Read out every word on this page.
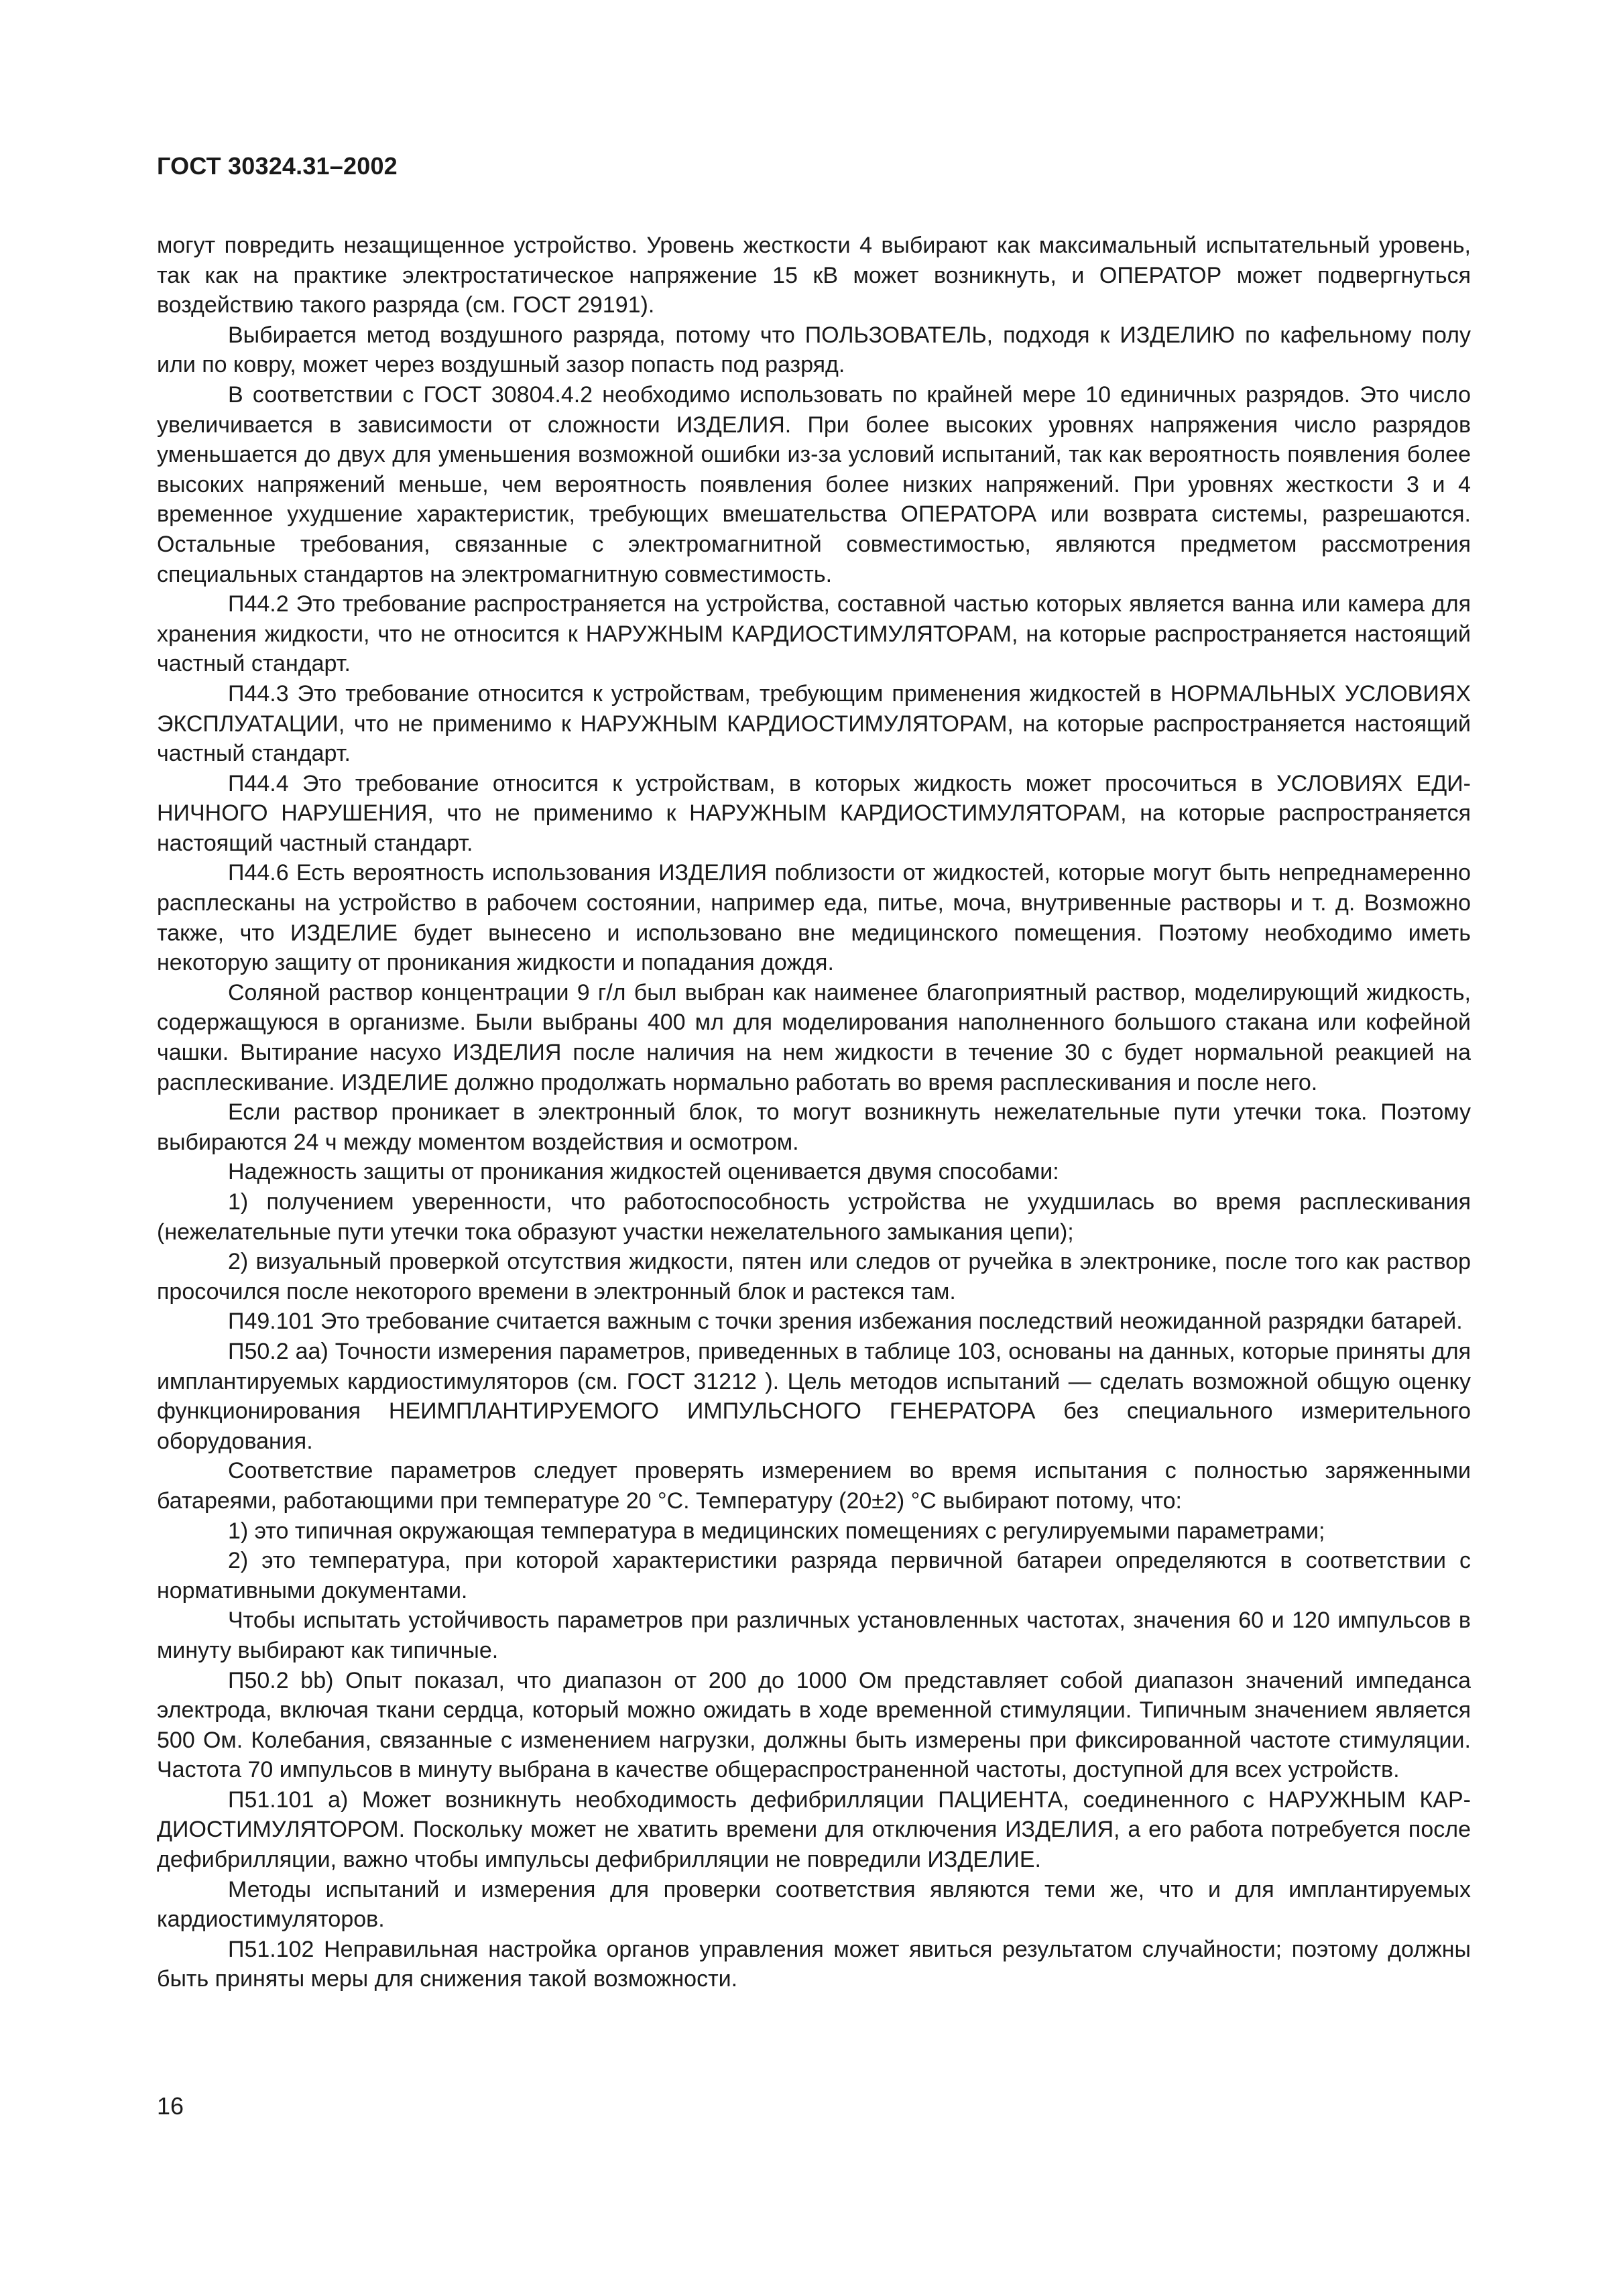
ГОСТ 30324.31–2002

могут повредить незащищенное устройство. Уровень жесткости 4 выбирают как максимальный испытательный уровень, так как на практике электростатическое напряжение 15 кВ может возникнуть, и ОПЕРАТОР может подвергнуться воздействию такого разряда (см. ГОСТ 29191).

Выбирается метод воздушного разряда, потому что ПОЛЬЗОВАТЕЛЬ, подходя к ИЗДЕЛИЮ по кафельному полу или по ковру, может через воздушный зазор попасть под разряд.

В соответствии с ГОСТ 30804.4.2 необходимо использовать по крайней мере 10 единичных разрядов. Это число увеличивается в зависимости от сложности ИЗДЕЛИЯ. При более высоких уровнях напряжения число разрядов уменьшается до двух для уменьшения возможной ошибки из-за условий испытаний, так как вероятность появления более высоких напряжений меньше, чем вероятность появления более низких напряжений. При уровнях жесткости 3 и 4 временное ухудшение характеристик, требующих вмешательства ОПЕРАТОРА или возврата системы, разрешаются. Остальные требования, связанные с электромагнитной совместимостью, являются предметом рассмотрения специальных стандартов на электромагнитную совместимость.

П44.2 Это требование распространяется на устройства, составной частью которых является ванна или камера для хранения жидкости, что не относится к НАРУЖНЫМ КАРДИОСТИМУЛЯТОРАМ, на которые распространяется настоящий частный стандарт.

П44.3 Это требование относится к устройствам, требующим применения жидкостей в НОРМАЛЬНЫХ УСЛОВИЯХ ЭКСПЛУАТАЦИИ, что не применимо к НАРУЖНЫМ КАРДИОСТИМУЛЯТОРАМ, на которые распространяется настоящий частный стандарт.

П44.4 Это требование относится к устройствам, в которых жидкость может просочиться в УСЛОВИЯХ ЕДИНИЧНОГО НАРУШЕНИЯ, что не применимо к НАРУЖНЫМ КАРДИОСТИМУЛЯТОРАМ, на которые распространяется настоящий частный стандарт.

П44.6 Есть вероятность использования ИЗДЕЛИЯ поблизости от жидкостей, которые могут быть непреднамеренно расплесканы на устройство в рабочем состоянии, например еда, питье, моча, внутривенные растворы и т. д. Возможно также, что ИЗДЕЛИЕ будет вынесено и использовано вне медицинского помещения. Поэтому необходимо иметь некоторую защиту от проникания жидкости и попадания дождя.

Соляной раствор концентрации 9 г/л был выбран как наименее благоприятный раствор, моделирующий жидкость, содержащуюся в организме. Были выбраны 400 мл для моделирования наполненного большого стакана или кофейной чашки. Вытирание насухо ИЗДЕЛИЯ после наличия на нем жидкости в течение 30 с будет нормальной реакцией на расплескивание. ИЗДЕЛИЕ должно продолжать нормально работать во время расплескивания и после него.

Если раствор проникает в электронный блок, то могут возникнуть нежелательные пути утечки тока. Поэтому выбираются 24 ч между моментом воздействия и осмотром.

Надежность защиты от проникания жидкостей оценивается двумя способами:

1) получением уверенности, что работоспособность устройства не ухудшилась во время расплескивания (нежелательные пути утечки тока образуют участки нежелательного замыкания цепи);

2) визуальный проверкой отсутствия жидкости, пятен или следов от ручейка в электронике, после того как раствор просочился после некоторого времени в электронный блок и растекся там.

П49.101 Это требование считается важным с точки зрения избежания последствий неожиданной разрядки батарей.

П50.2 аа) Точности измерения параметров, приведенных в таблице 103, основаны на данных, которые приняты для имплантируемых кардиостимуляторов (см. ГОСТ 31212 ). Цель методов испытаний — сделать возможной общую оценку функционирования НЕИМПЛАНТИРУЕМОГО ИМПУЛЬСНОГО ГЕНЕРАТОРА без специального измерительного оборудования.

Соответствие параметров следует проверять измерением во время испытания с полностью заряженными батареями, работающими при температуре 20 °С. Температуру (20±2) °С выбирают потому, что:

1) это типичная окружающая температура в медицинских помещениях с регулируемыми параметрами;

2) это температура, при которой характеристики разряда первичной батареи определяются в соответствии с нормативными документами.

Чтобы испытать устойчивость параметров при различных установленных частотах, значения 60 и 120 импульсов в минуту выбирают как типичные.

П50.2 bb) Опыт показал, что диапазон от 200 до 1000 Ом представляет собой диапазон значений импеданса электрода, включая ткани сердца, который можно ожидать в ходе временной стимуляции. Типичным значением является 500 Ом. Колебания, связанные с изменением нагрузки, должны быть измерены при фиксированной частоте стимуляции. Частота 70 импульсов в минуту выбрана в качестве общераспространенной частоты, доступной для всех устройств.

П51.101 а) Может возникнуть необходимость дефибрилляции ПАЦИЕНТА, соединенного с НАРУЖНЫМ КАРДИОСТИМУЛЯТОРОМ. Поскольку может не хватить времени для отключения ИЗДЕЛИЯ, а его работа потребуется после дефибрилляции, важно чтобы импульсы дефибрилляции не повредили ИЗДЕЛИЕ.

Методы испытаний и измерения для проверки соответствия являются теми же, что и для имплантируемых кардиостимуляторов.

П51.102 Неправильная настройка органов управления может явиться результатом случайности; поэтому должны быть приняты меры для снижения такой возможности.

16
